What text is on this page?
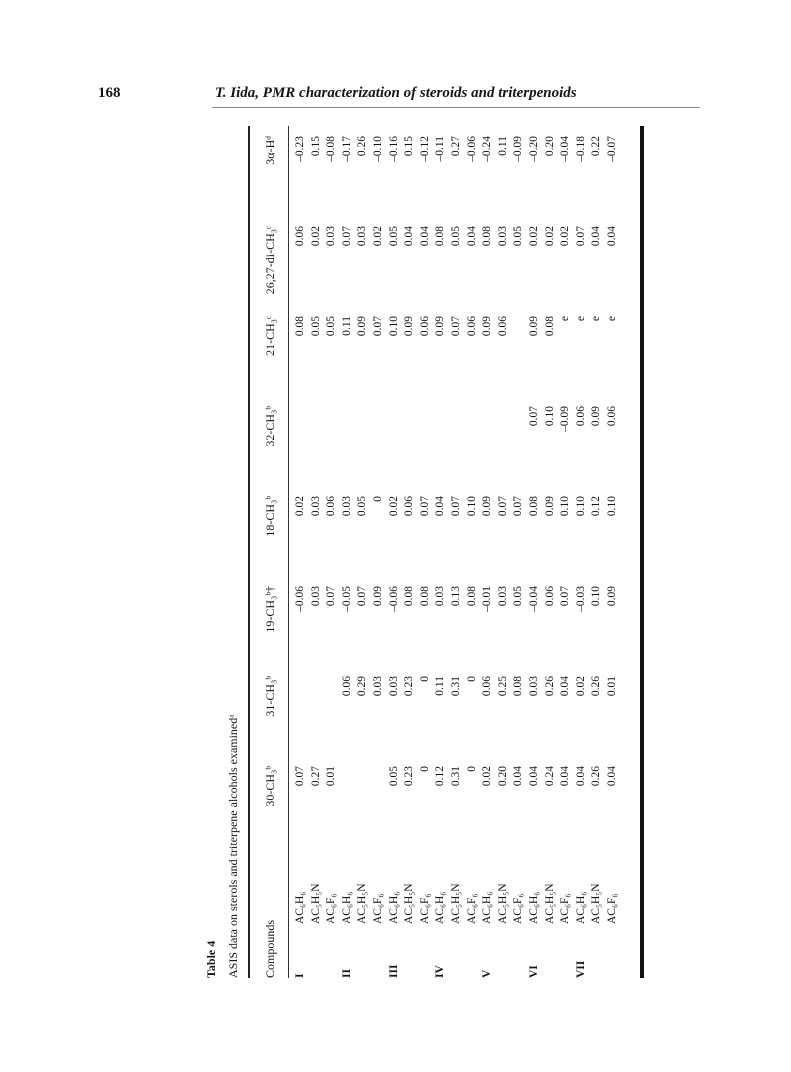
168	T. Iida, PMR characterization of steroids and triterpenoids
Table 4 ASIS data on sterols and triterpene alcohols examinedᵃ Compounds		30-CH₃ᵇ	31-CH₃ᵇ	19-CH₃ᵇ†	18-CH₃ᵇ	32-CH₃ᵇ	21-CH₃ᶜ	26,27-di-CH₃ᶜ	3α-Hᵈ
I	AC₆H₆	0.07		–0.06	0.02		0.08	0.06	–0.23
	AC₅H₅N	0.27		0.03	0.03		0.05	0.02	0.15
	AC₆F₆	0.01		0.07	0.06		0.05	0.03	–0.08
II	AC₆H₆		0.06	–0.05	0.03		0.11	0.07	–0.17
	AC₅H₅N		0.29	0.07	0.05		0.09	0.03	0.26
	AC₆F₆		0.03	0.09	0		0.07	0.02	–0.10
III	AC₆H₆	0.05	0.03	–0.06	0.02		0.10	0.05	–0.16
	AC₅H₅N	0.23	0.23	0.08	0.06		0.09	0.04	0.15
	AC₆F₆	0	0	0.08	0.07		0.06	0.04	–0.12
IV	AC₆H₆	0.12	0.11	0.03	0.04		0.09	0.08	–0.11
	AC₅H₅N	0.31	0.31	0.13	0.07		0.07	0.05	0.27
	AC₆F₆	0	0	0.08	0.10		0.06	0.04	–0.06
V	AC₆H₆	0.02	0.06	–0.01	0.09		0.09	0.08	–0.24
	AC₅H₅N	0.20	0.25	0.03	0.07		0.06	0.03	0.11
	AC₆F₆	0.04	0.08	0.05	0.07			0.05	–0.09
VI	AC₆H₆	0.04	0.03	–0.04	0.08	0.07	0.09	0.02	–0.20
	AC₅H₅N	0.24	0.26	0.06	0.09	0.10	0.08	0.02	0.20
	AC₆F₆	0.04	0.04	0.07	0.10	–0.09	e	0.02	–0.04
VII	AC₆H₆	0.04	0.02	–0.03	0.10	0.06	e	0.07	–0.18
	AC₅H₅N	0.26	0.26	0.10	0.12	0.09	e	0.04	0.22
	AC₆F₆	0.04	0.01	0.09	0.10	0.06	e	0.04	–0.07
